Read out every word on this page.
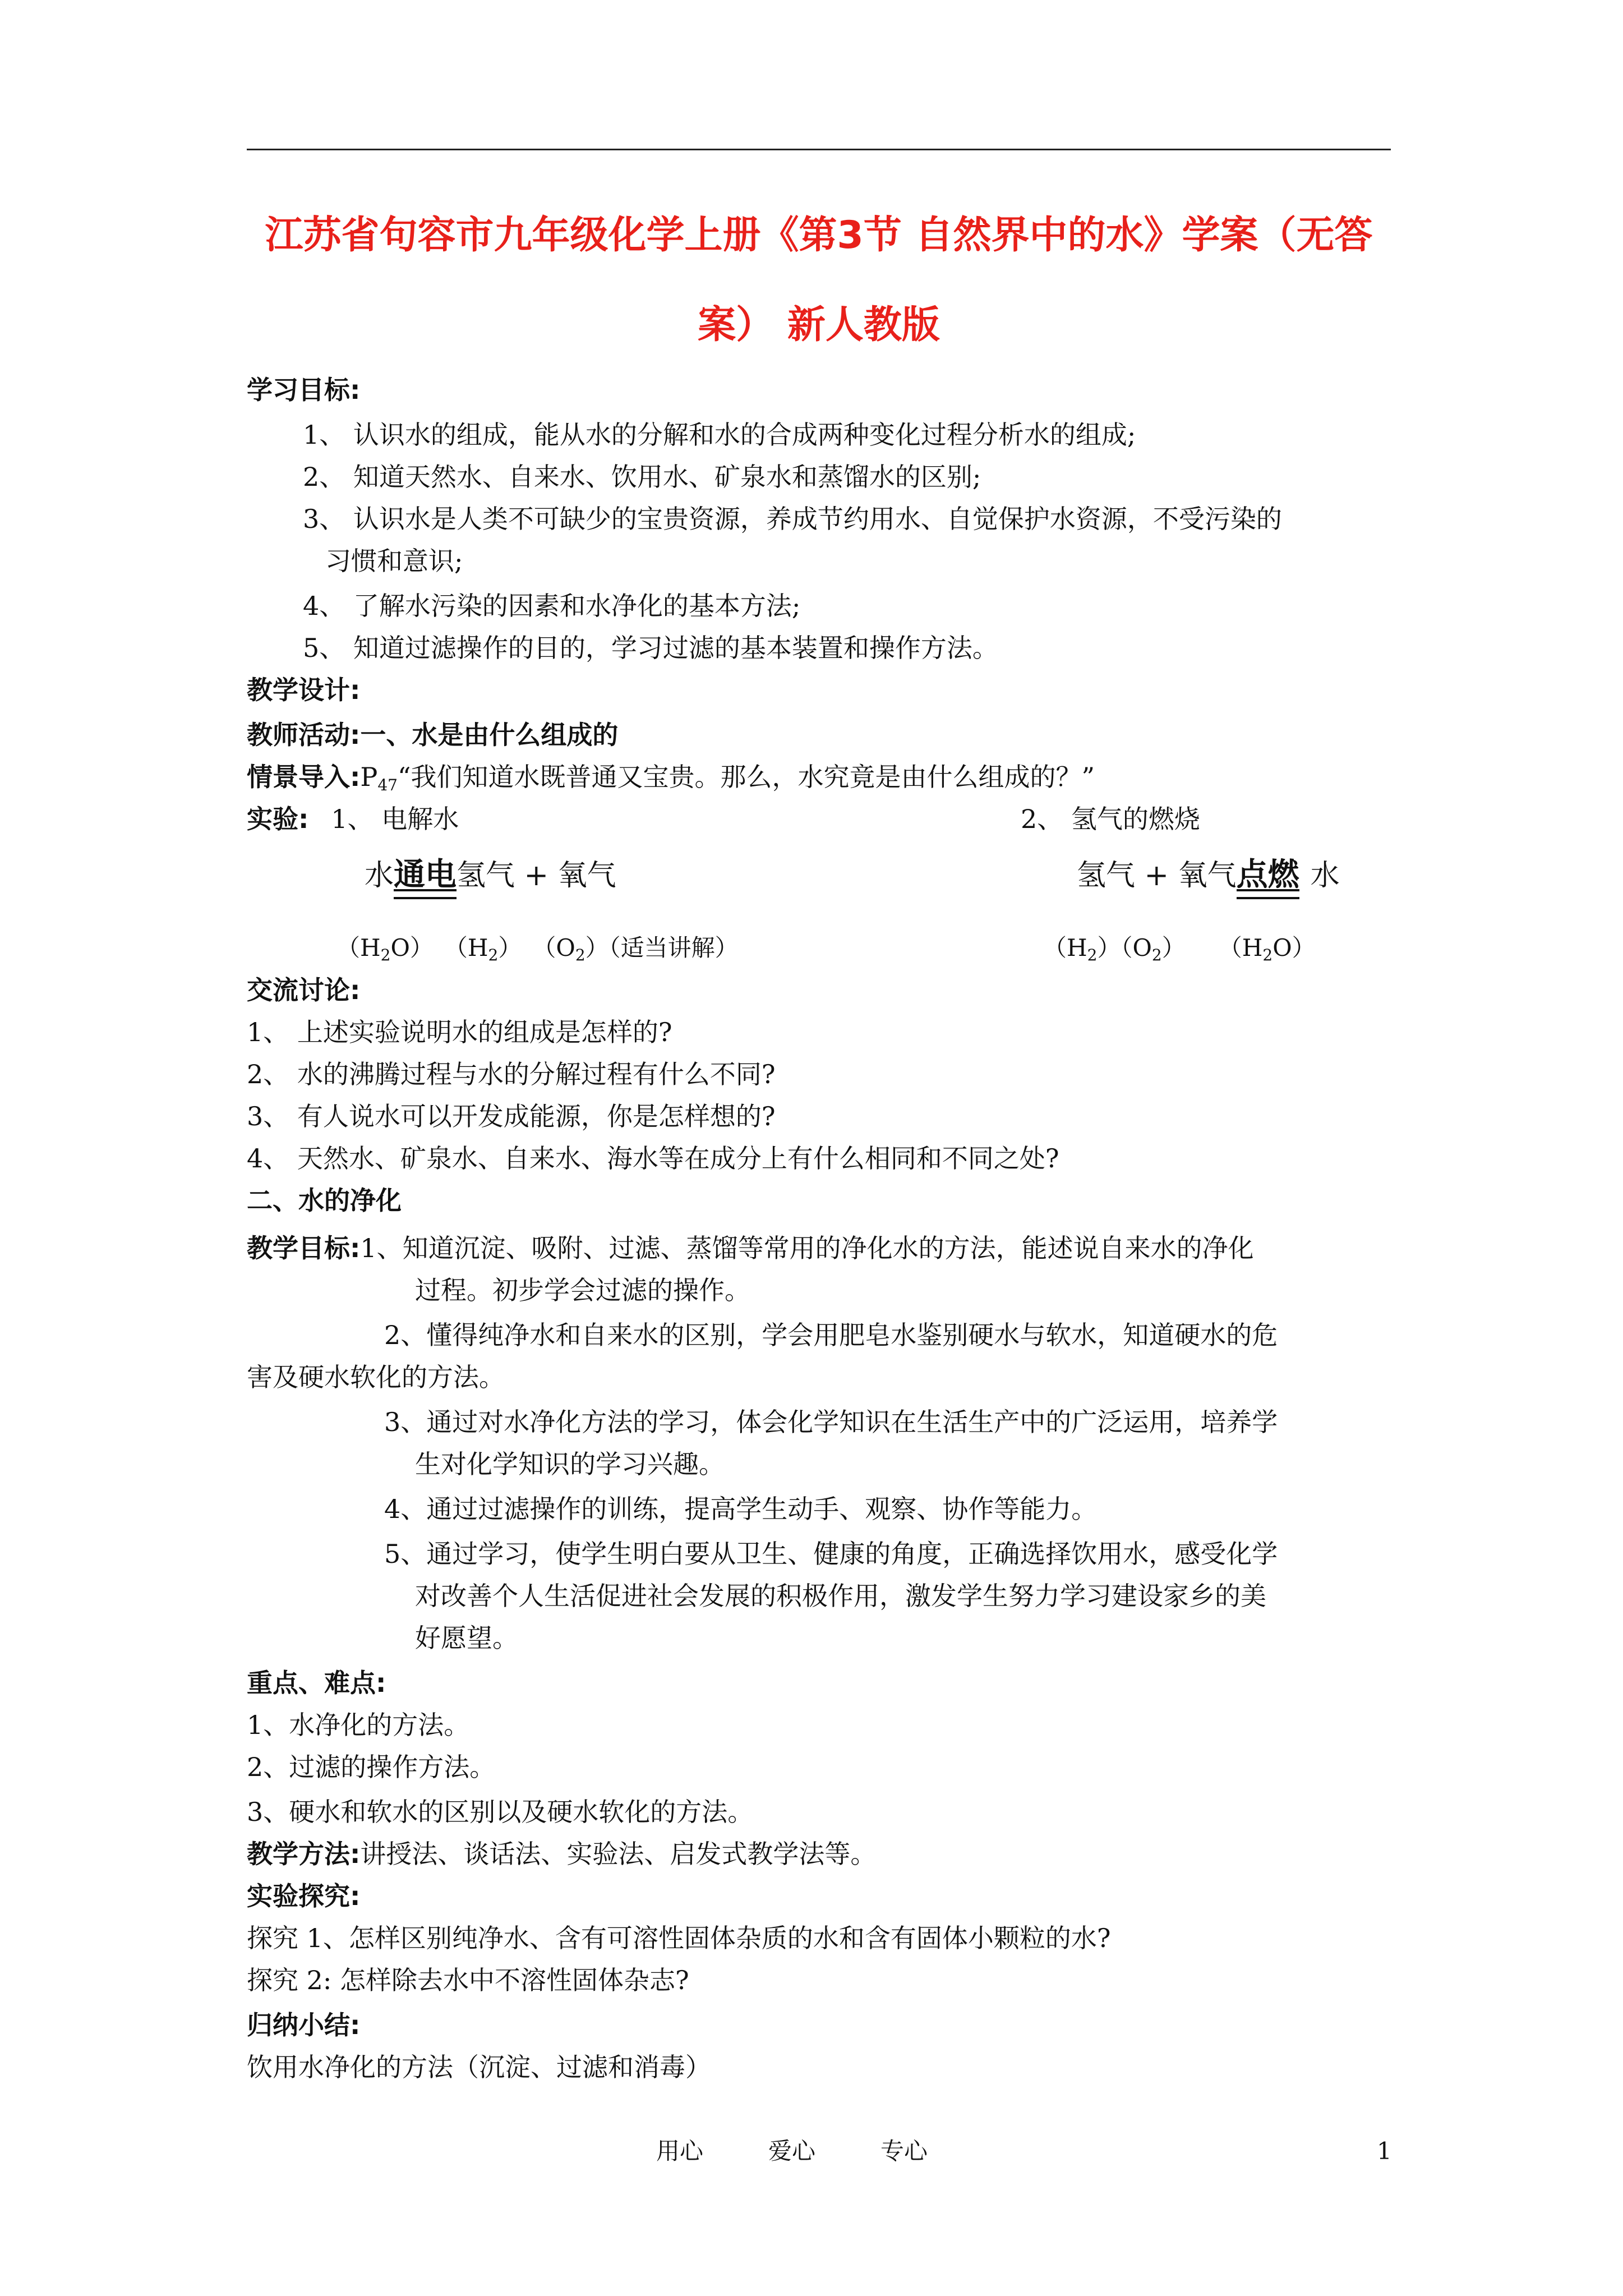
江苏省句容市九年级化学上册《第3节 自然界中的水》学案（无答
案） 新人教版
学习目标:
1、 认识水的组成，能从水的分解和水的合成两种变化过程分析水的组成;
2、 知道天然水、自来水、饮用水、矿泉水和蒸馏水的区别;
3、 认识水是人类不可缺少的宝贵资源，养成节约用水、自觉保护水资源，不受污染的
习惯和意识;
4、 了解水污染的因素和水净化的基本方法;
5、 知道过滤操作的目的，学习过滤的基本装置和操作方法。
教学设计:
教师活动:一、水是由什么组成的
情景导入$:P_{47}“$我们知道水既普通又宝贵。那么，水究竟是由什么组成的？”
实验: 1、 电解水	2、 氢气的燃烧
水通电氢气 + 氧气
$(H_2O)$ $(H_2)$ $(O_2)$（适当讲解）
氢气 + 氧气点燃 水
$(H_2)(O_2)$ $(H_2O)$
交流讨论:
1、 上述实验说明水的组成是怎样的?
2、 水的沸腾过程与水的分解过程有什么不同?
3、 有人说水可以开发成能源，你是怎样想的?
4、 天然水、矿泉水、自来水、海水等在成分上有什么相同和不同之处?
二、水的净化
教学目标:1、知道沉淀、吸附、过滤、蒸馏等常用的净化水的方法，能述说自来水的净化
过程。初步学会过滤的操作。
2、懂得纯净水和自来水的区别，学会用肥皂水鉴别硬水与软水，知道硬水的危
害及硬水软化的方法。
3、通过对水净化方法的学习，体会化学知识在生活生产中的广泛运用，培养学
生对化学知识的学习兴趣。
4、通过过滤操作的训练，提高学生动手、观察、协作等能力。
5、通过学习，使学生明白要从卫生、健康的角度，正确选择饮用水，感受化学
对改善个人生活促进社会发展的积极作用，激发学生努力学习建设家乡的美
好愿望。
重点、难点:
1、水净化的方法。
2、过滤的操作方法。
3、硬水和软水的区别以及硬水软化的方法。
教学方法:讲授法、谈话法、实验法、启发式教学法等。
实验探究:
探究 1、怎样区别纯净水、含有可溶性固体杂质的水和含有固体小颗粒的水?
探究 2: 怎样除去水中不溶性固体杂志?
归纳小结:
饮用水净化的方法（沉淀、过滤和消毒）
用心	爱心	专心	1
